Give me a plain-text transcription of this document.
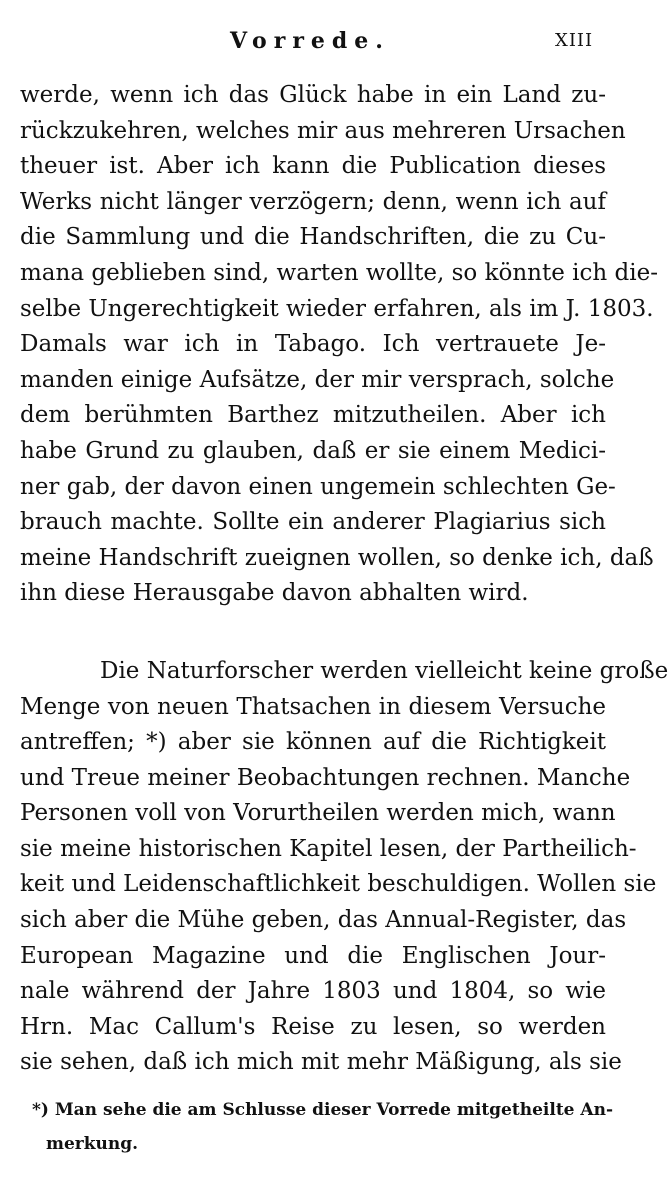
Vorrede.	XIII
werde, wenn ich das Glück habe in ein Land zu-
rückzukehren, welches mir aus mehreren Ursachen
theuer ist. Aber ich kann die Publication dieses
Werks nicht länger verzögern; denn, wenn ich auf
die Sammlung und die Handschriften, die zu Cu-
mana geblieben sind, warten wollte, so könnte ich die-
selbe Ungerechtigkeit wieder erfahren, als im J. 1803.
Damals war ich in Tabago. Ich vertrauete Je-
manden einige Aufsätze, der mir versprach, solche
dem berühmten Barthez mitzutheilen. Aber ich
habe Grund zu glauben, daß er sie einem Medici-
ner gab, der davon einen ungemein schlechten Ge-
brauch machte. Sollte ein anderer Plagiarius sich
meine Handschrift zueignen wollen, so denke ich, daß
ihn diese Herausgabe davon abhalten wird.
Die Naturforscher werden vielleicht keine große
Menge von neuen Thatsachen in diesem Versuche
antreffen; *) aber sie können auf die Richtigkeit
und Treue meiner Beobachtungen rechnen. Manche
Personen voll von Vorurtheilen werden mich, wann
sie meine historischen Kapitel lesen, der Partheilich-
keit und Leidenschaftlichkeit beschuldigen. Wollen sie
sich aber die Mühe geben, das Annual-Register, das
European Magazine und die Englischen Jour-
nale während der Jahre 1803 und 1804, so wie
Hrn. Mac Callum's Reise zu lesen, so werden
sie sehen, daß ich mich mit mehr Mäßigung, als sie
*) Man sehe die am Schlusse dieser Vorrede mitgetheilte An-
merkung.
